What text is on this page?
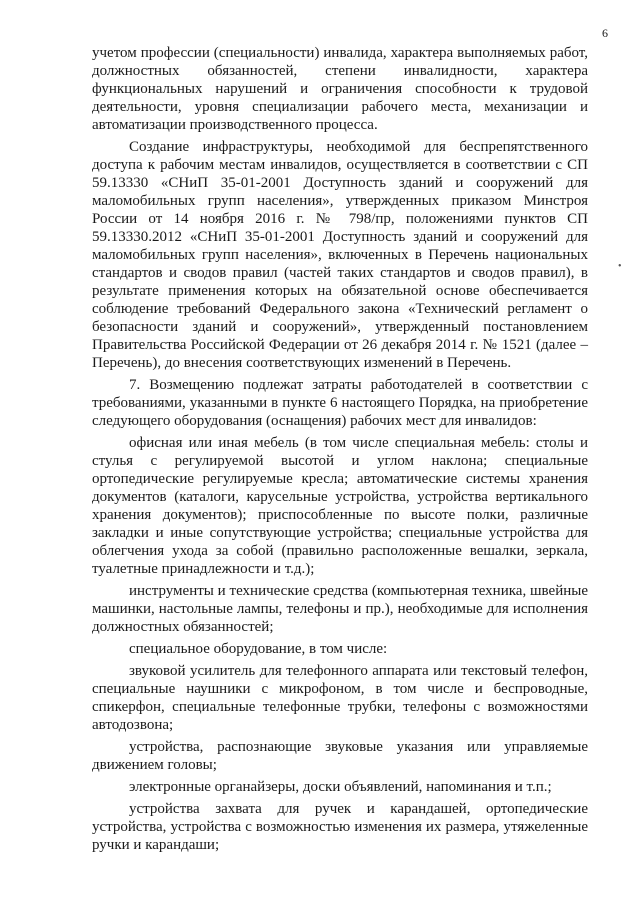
6
•

учетом профессии (специальности) инвалида, характера выполняемых работ, должностных обязанностей, степени инвалидности, характера функциональных нарушений и ограничения способности к трудовой деятельности, уровня специализации рабочего места, механизации и автоматизации производственного процесса.

Создание инфраструктуры, необходимой для беспрепятственного доступа к рабочим местам инвалидов, осуществляется в соответствии с СП 59.13330 «СНиП 35-01-2001 Доступность зданий и сооружений для маломобильных групп населения», утвержденных приказом Минстроя России от 14 ноября 2016 г. № 798/пр, положениями пунктов СП 59.13330.2012 «СНиП 35-01-2001 Доступность зданий и сооружений для маломобильных групп населения», включенных в Перечень национальных стандартов и сводов правил (частей таких стандартов и сводов правил), в результате применения которых на обязательной основе обеспечивается соблюдение требований Федерального закона «Технический регламент о безопасности зданий и сооружений», утвержденный постановлением Правительства Российской Федерации от 26 декабря 2014 г. № 1521 (далее – Перечень), до внесения соответствующих изменений в Перечень.

7. Возмещению подлежат затраты работодателей в соответствии с требованиями, указанными в пункте 6 настоящего Порядка, на приобретение следующего оборудования (оснащения) рабочих мест для инвалидов:

офисная или иная мебель (в том числе специальная мебель: столы и стулья с регулируемой высотой и углом наклона; специальные ортопедические регулируемые кресла; автоматические системы хранения документов (каталоги, карусельные устройства, устройства вертикального хранения документов); приспособленные по высоте полки, различные закладки и иные сопутствующие устройства; специальные устройства для облегчения ухода за собой (правильно расположенные вешалки, зеркала, туалетные принадлежности и т.д.);

инструменты и технические средства (компьютерная техника, швейные машинки, настольные лампы, телефоны и пр.), необходимые для исполнения должностных обязанностей;

специальное оборудование, в том числе:

звуковой усилитель для телефонного аппарата или текстовый телефон, специальные наушники с микрофоном, в том числе и беспроводные, спикерфон, специальные телефонные трубки, телефоны с возможностями автодозвона;

устройства, распознающие звуковые указания или управляемые движением головы;

электронные органайзеры, доски объявлений, напоминания и т.п.;

устройства захвата для ручек и карандашей, ортопедические устройства, устройства с возможностью изменения их размера, утяжеленные ручки и карандаши;
